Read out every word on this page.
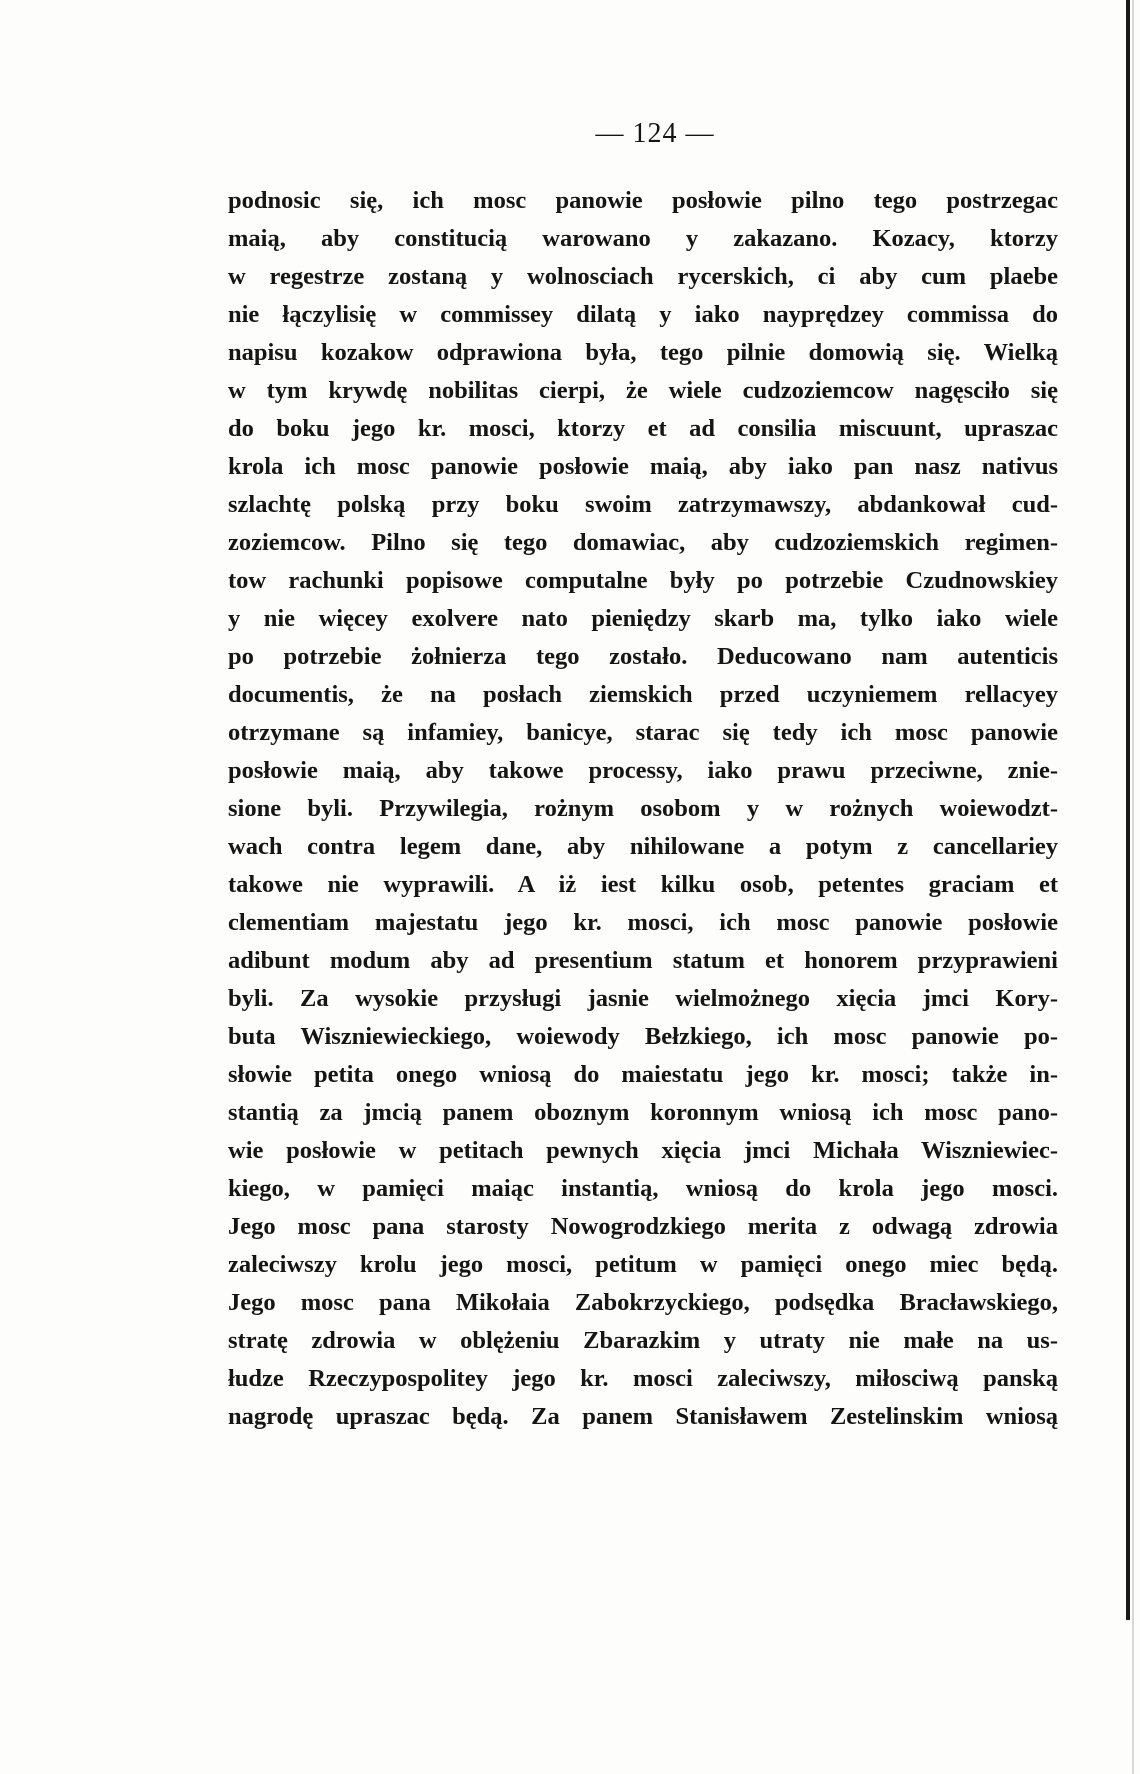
— 124 —
podnosic się, ich mosc panowie posłowie pilno tego postrzegac
maią, aby constitucią warowano y zakazano. Kozacy, ktorzy
w regestrze zostaną y wolnosciach rycerskich, ci aby cum plaebe
nie łączylisię w commissey dilatą y iako nayprędzey commissa do
napisu kozakow odprawiona była, tego pilnie domowią się. Wielką
w tym krywdę nobilitas cierpi, że wiele cudzoziemcow nagęsciło się
do boku jego kr. mosci, ktorzy et ad consilia miscuunt, upraszac
krola ich mosc panowie posłowie maią, aby iako pan nasz nativus
szlachtę polską przy boku swoim zatrzymawszy, abdankował cud-
zoziemcow. Pilno się tego domawiac, aby cudzoziemskich regimen-
tow rachunki popisowe computalne były po potrzebie Czudnowskiey
y nie więcey exolvere nato pieniędzy skarb ma, tylko iako wiele
po potrzebie żołnierza tego zostało. Deducowano nam autenticis
documentis, że na posłach ziemskich przed uczyniemem rellacyey
otrzymane są infamiey, banicye, starac się tedy ich mosc panowie
posłowie maią, aby takowe processy, iako prawu przeciwne, znie-
sione byli. Przywilegia, rożnym osobom y w rożnych woiewodzt-
wach contra legem dane, aby nihilowane a potym z cancellariey
takowe nie wyprawili. A iż iest kilku osob, petentes graciam et
clementiam majestatu jego kr. mosci, ich mosc panowie posłowie
adibunt modum aby ad presentium statum et honorem przyprawieni
byli. Za wysokie przysługi jasnie wielmożnego xięcia jmci Kory-
buta Wiszniewieckiego, woiewody Bełzkiego, ich mosc panowie po-
słowie petita onego wniosą do maiestatu jego kr. mosci; także in-
stantią za jmcią panem oboznym koronnym wniosą ich mosc pano-
wie posłowie w petitach pewnych xięcia jmci Michała Wiszniewiec-
kiego, w pamięci maiąc instantią, wniosą do krola jego mosci.
Jego mosc pana starosty Nowogrodzkiego merita z odwagą zdrowia
zaleciwszy krolu jego mosci, petitum w pamięci onego miec będą.
Jego mosc pana Mikołaia Zabokrzyckiego, podsędka Bracławskiego,
stratę zdrowia w oblężeniu Zbarazkim y utraty nie małe na us-
łudze Rzeczypospolitey jego kr. mosci zaleciwszy, miłosciwą panską
nagrodę upraszac będą. Za panem Stanisławem Zestelinskim wniosą
